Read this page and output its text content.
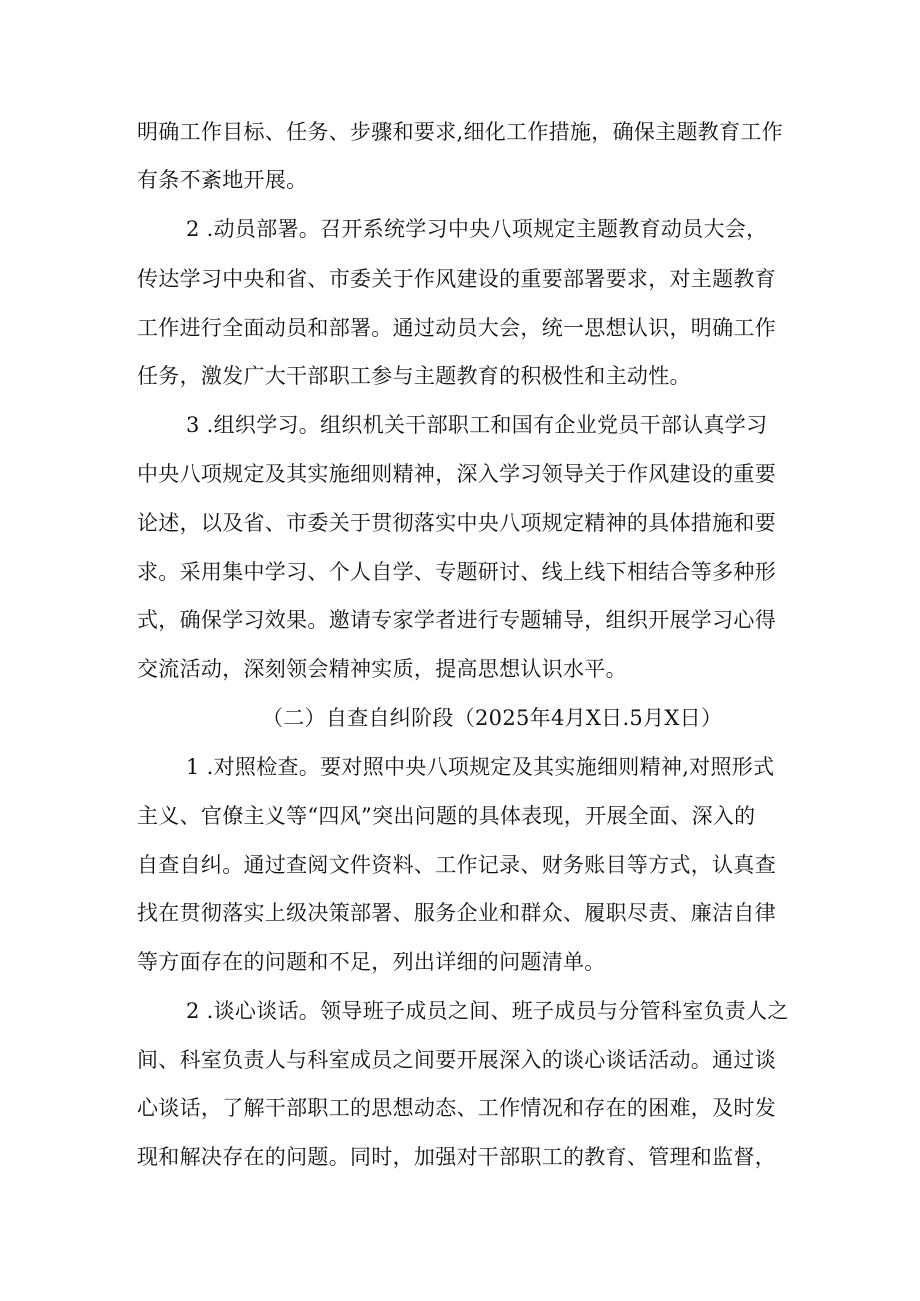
明确工作目标、任务、步骤和要求,细化工作措施，确保主题教育工作
有条不紊地开展。
2 .动员部署。召开系统学习中央八项规定主题教育动员大会，
传达学习中央和省、市委关于作风建设的重要部署要求，对主题教育
工作进行全面动员和部署。通过动员大会，统一思想认识，明确工作
任务，激发广大干部职工参与主题教育的积极性和主动性。
3 .组织学习。组织机关干部职工和国有企业党员干部认真学习
中央八项规定及其实施细则精神，深入学习领导关于作风建设的重要
论述，以及省、市委关于贯彻落实中央八项规定精神的具体措施和要
求。采用集中学习、个人自学、专题研讨、线上线下相结合等多种形
式，确保学习效果。邀请专家学者进行专题辅导，组织开展学习心得
交流活动，深刻领会精神实质，提高思想认识水平。
（二）自查自纠阶段（2025年4月X日.5月X日）
1 .对照检查。要对照中央八项规定及其实施细则精神,对照形式
主义、官僚主义等“四风”突出问题的具体表现，开展全面、深入的
自查自纠。通过查阅文件资料、工作记录、财务账目等方式，认真查
找在贯彻落实上级决策部署、服务企业和群众、履职尽责、廉洁自律
等方面存在的问题和不足，列出详细的问题清单。
2 .谈心谈话。领导班子成员之间、班子成员与分管科室负责人之
间、科室负责人与科室成员之间要开展深入的谈心谈话活动。通过谈
心谈话，了解干部职工的思想动态、工作情况和存在的困难，及时发
现和解决存在的问题。同时，加强对干部职工的教育、管理和监督，
